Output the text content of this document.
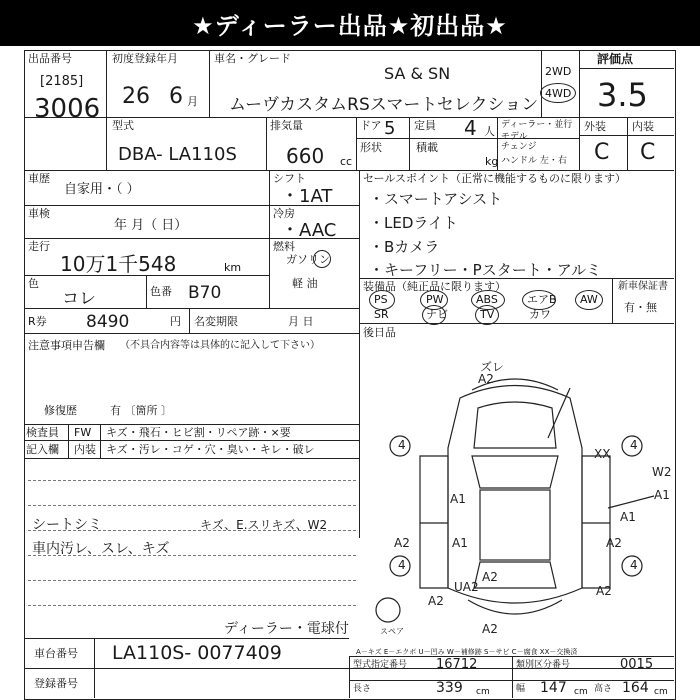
★ディーラー出品★初出品★
出品番号
[2185]
3006
初度登録年月
26 6 月
車名・グレード
SA & SN
ムーヴカスタムRSスマートセレクション
2WD
4WD
評価点
3.5
外装 内装
C C
型式
DBA- LA110S
排気量
660 cc
ドア 5 定員 4 人
形状	積載
kg
ディーラー・並行
モデル
チェンジ
ハンドル 左・右
車歴
自家用・（ ）
車検
年 月（ 日）
走行
10万1千548	km
色
コレ	色番 B70
シフト
・1AT
冷房
・AAC
燃料
ガソリン
軽 油
R券 8490	円 名変期限	月 日
セールスポイント（正常に機能するものに限ります）
・スマートアシスト
・LEDライト
・Bカメラ
・キーフリー・Pスタート・アルミ
装備品（純正品に限ります）	新車保証書
有・無
PS	PW	ABS	エアB AW
SR	ナビ	TV	カワ
後日品
注意事項申告欄 （不具合内容等は具体的に記入して下さい）
修復歴	有 〔箇所 〕
検査員 FW キズ・飛石・ヒビ割・リペア跡・×要
記入欄 内装 キズ・汚レ・コゲ・穴・臭い・キレ・破レ
シートシミ	キズ、E.スリキズ、W2
車内汚レ、スレ、キズ
ディーラー・電球付
ズレ
A2
4	4
4	4
XX
W2
A1
A1
A1
A1
A2	A2
A2
A2
A2
UA2
A2
スペア
A－キズ E－エクボ U－凹み W－補修跡 S－サビ C－腐食 XX－交換済
車台番号 LA110S- 0077409
登録番号
型式指定番号 16712	類別区分番号	0015
長さ	339 cm	幅 147 cm 高さ 164 cm
